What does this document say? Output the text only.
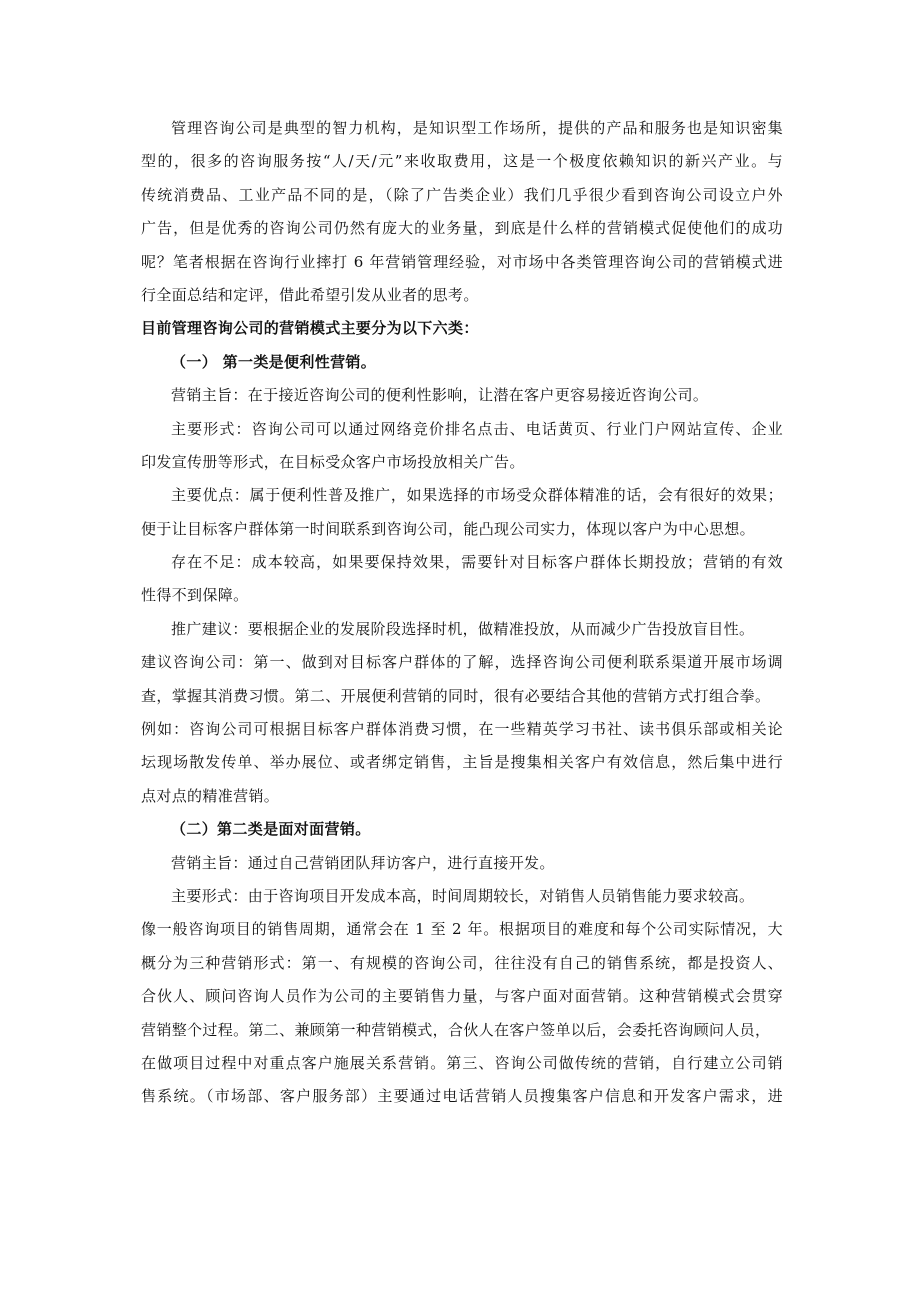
管理咨询公司是典型的智力机构，是知识型工作场所，提供的产品和服务也是知识密集
型的，很多的咨询服务按“人/天/元”来收取费用，这是一个极度依赖知识的新兴产业。与
传统消费品、工业产品不同的是，（除了广告类企业）我们几乎很少看到咨询公司设立户外
广告，但是优秀的咨询公司仍然有庞大的业务量，到底是什么样的营销模式促使他们的成功
呢？笔者根据在咨询行业摔打 6 年营销管理经验，对市场中各类管理咨询公司的营销模式进
行全面总结和定评，借此希望引发从业者的思考。
目前管理咨询公司的营销模式主要分为以下六类：
（一） 第一类是便利性营销。
营销主旨：在于接近咨询公司的便利性影响，让潜在客户更容易接近咨询公司。
主要形式：咨询公司可以通过网络竞价排名点击、电话黄页、行业门户网站宣传、企业
印发宣传册等形式，在目标受众客户市场投放相关广告。
主要优点：属于便利性普及推广，如果选择的市场受众群体精准的话，会有很好的效果；
便于让目标客户群体第一时间联系到咨询公司，能凸现公司实力，体现以客户为中心思想。
存在不足：成本较高，如果要保持效果，需要针对目标客户群体长期投放；营销的有效
性得不到保障。
推广建议：要根据企业的发展阶段选择时机，做精准投放，从而减少广告投放盲目性。
建议咨询公司：第一、做到对目标客户群体的了解，选择咨询公司便利联系渠道开展市场调
查，掌握其消费习惯。第二、开展便利营销的同时，很有必要结合其他的营销方式打组合拳。
例如：咨询公司可根据目标客户群体消费习惯，在一些精英学习书社、读书俱乐部或相关论
坛现场散发传单、举办展位、或者绑定销售，主旨是搜集相关客户有效信息，然后集中进行
点对点的精准营销。
（二）第二类是面对面营销。
营销主旨：通过自己营销团队拜访客户，进行直接开发。
主要形式：由于咨询项目开发成本高，时间周期较长，对销售人员销售能力要求较高。
像一般咨询项目的销售周期，通常会在 1 至 2 年。根据项目的难度和每个公司实际情况，大
概分为三种营销形式：第一、有规模的咨询公司，往往没有自己的销售系统，都是投资人、
合伙人、顾问咨询人员作为公司的主要销售力量，与客户面对面营销。这种营销模式会贯穿
营销整个过程。第二、兼顾第一种营销模式，合伙人在客户签单以后，会委托咨询顾问人员，
在做项目过程中对重点客户施展关系营销。第三、咨询公司做传统的营销，自行建立公司销
售系统。（市场部、客户服务部）主要通过电话营销人员搜集客户信息和开发客户需求，进
